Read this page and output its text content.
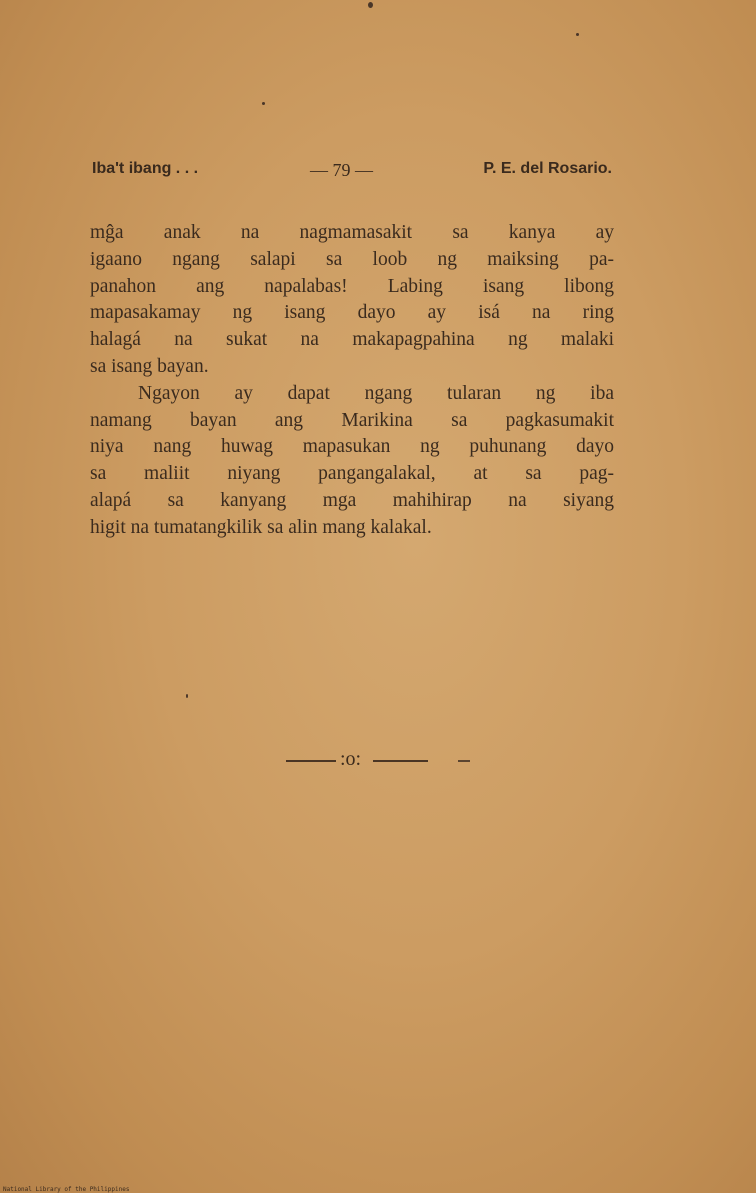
Iba't ibang . . .	— 79 —	P. E. del Rosario.
mĝa anak na nagmamasakit sa kanya ay
igaano ngang salapi sa loob ng maiksing pa-
panahon ang napalabas! Labing isang libong
mapasakamay ng isang dayo ay isá na ring
halagá na sukat na makapagpahina ng malaki
sa isang bayan.
Ngayon ay dapat ngang tularan ng iba
namang bayan ang Marikina sa pagkasumakit
niya nang huwag mapasukan ng puhunang dayo
sa maliit niyang pangangalakal, at sa pag-
alapá sa kanyang mga mahihirap na siyang
higit na tumatangkilik sa alin mang kalakal.
:o:
National Library of the Philippines
